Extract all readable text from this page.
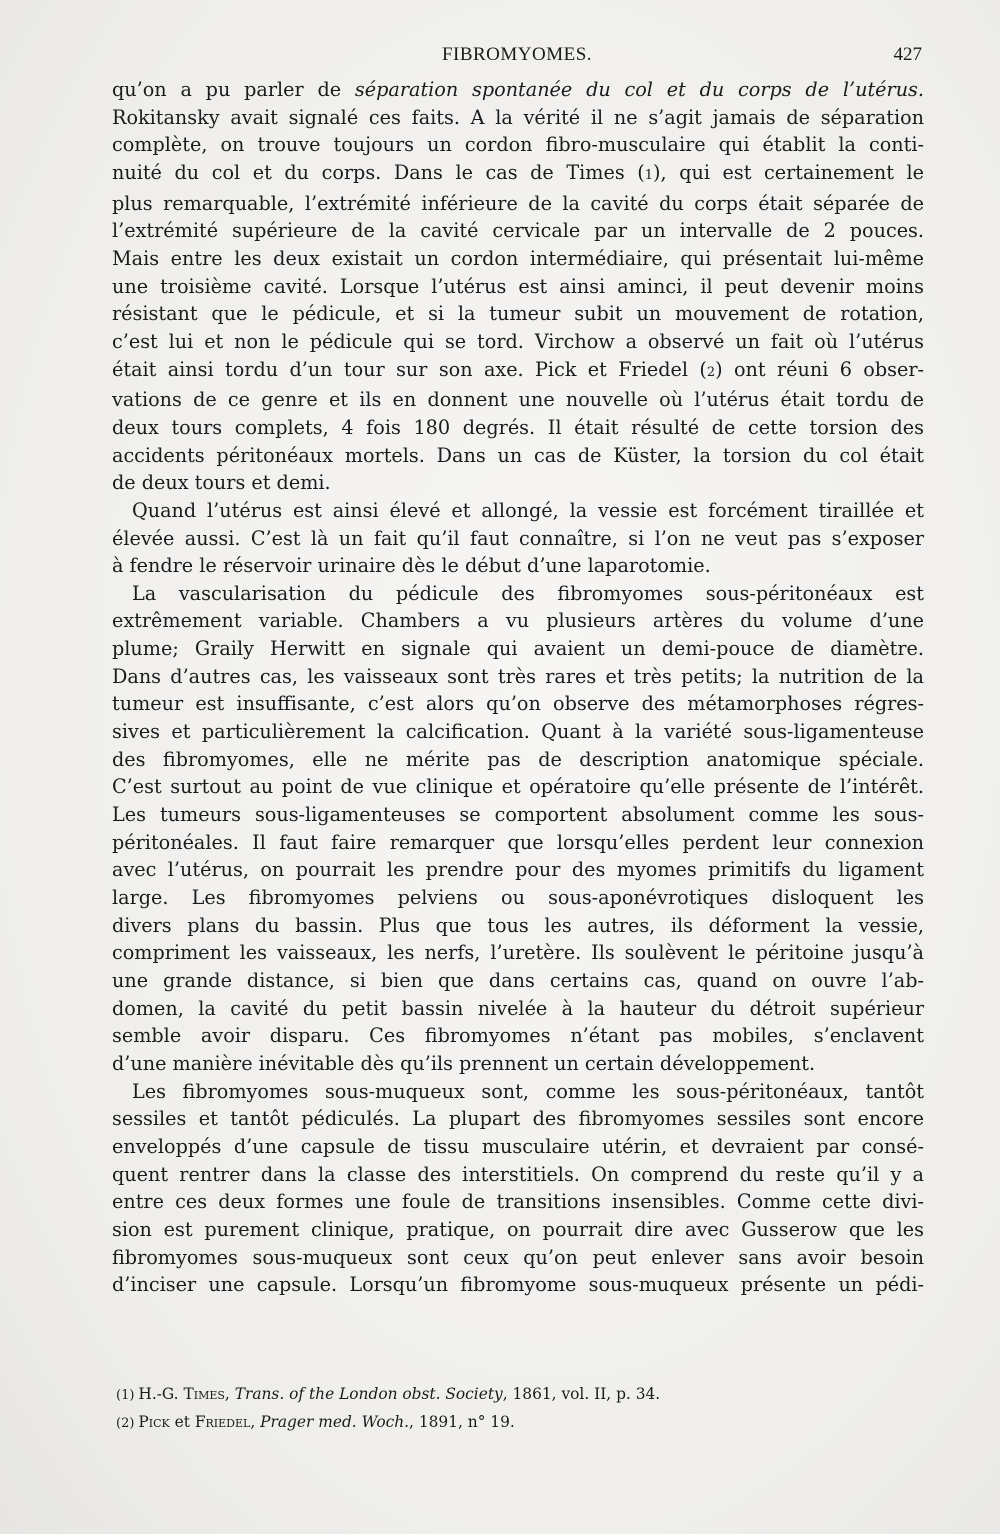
FIBROMYOMES.	427
qu’on a pu parler de séparation spontanée du col et du corps de l’utérus.
Rokitansky avait signalé ces faits. A la vérité il ne s’agit jamais de séparation
complète, on trouve toujours un cordon fibro-musculaire qui établit la conti-
nuité du col et du corps. Dans le cas de Times (1), qui est certainement le
plus remarquable, l’extrémité inférieure de la cavité du corps était séparée de
l’extrémité supérieure de la cavité cervicale par un intervalle de 2 pouces.
Mais entre les deux existait un cordon intermédiaire, qui présentait lui-même
une troisième cavité. Lorsque l’utérus est ainsi aminci, il peut devenir moins
résistant que le pédicule, et si la tumeur subit un mouvement de rotation,
c’est lui et non le pédicule qui se tord. Virchow a observé un fait où l’utérus
était ainsi tordu d’un tour sur son axe. Pick et Friedel (2) ont réuni 6 obser-
vations de ce genre et ils en donnent une nouvelle où l’utérus était tordu de
deux tours complets, 4 fois 180 degrés. Il était résulté de cette torsion des
accidents péritonéaux mortels. Dans un cas de Küster, la torsion du col était
de deux tours et demi.
Quand l’utérus est ainsi élevé et allongé, la vessie est forcément tiraillée et
élevée aussi. C’est là un fait qu’il faut connaître, si l’on ne veut pas s’exposer
à fendre le réservoir urinaire dès le début d’une laparotomie.
La vascularisation du pédicule des fibromyomes sous-péritonéaux est
extrêmement variable. Chambers a vu plusieurs artères du volume d’une
plume; Graily Herwitt en signale qui avaient un demi-pouce de diamètre.
Dans d’autres cas, les vaisseaux sont très rares et très petits; la nutrition de la
tumeur est insuffisante, c’est alors qu’on observe des métamorphoses régres-
sives et particulièrement la calcification. Quant à la variété sous-ligamenteuse
des fibromyomes, elle ne mérite pas de description anatomique spéciale.
C’est surtout au point de vue clinique et opératoire qu’elle présente de l’intérêt.
Les tumeurs sous-ligamenteuses se comportent absolument comme les sous-
péritonéales. Il faut faire remarquer que lorsqu’elles perdent leur connexion
avec l’utérus, on pourrait les prendre pour des myomes primitifs du ligament
large. Les fibromyomes pelviens ou sous-aponévrotiques disloquent les
divers plans du bassin. Plus que tous les autres, ils déforment la vessie,
compriment les vaisseaux, les nerfs, l’uretère. Ils soulèvent le péritoine jusqu’à
une grande distance, si bien que dans certains cas, quand on ouvre l’ab-
domen, la cavité du petit bassin nivelée à la hauteur du détroit supérieur
semble avoir disparu. Ces fibromyomes n’étant pas mobiles, s’enclavent
d’une manière inévitable dès qu’ils prennent un certain développement.
Les fibromyomes sous-muqueux sont, comme les sous-péritonéaux, tantôt
sessiles et tantôt pédiculés. La plupart des fibromyomes sessiles sont encore
enveloppés d’une capsule de tissu musculaire utérin, et devraient par consé-
quent rentrer dans la classe des interstitiels. On comprend du reste qu’il y a
entre ces deux formes une foule de transitions insensibles. Comme cette divi-
sion est purement clinique, pratique, on pourrait dire avec Gusserow que les
fibromyomes sous-muqueux sont ceux qu’on peut enlever sans avoir besoin
d’inciser une capsule. Lorsqu’un fibromyome sous-muqueux présente un pédi-
(1) H.-G. Times, Trans. of the London obst. Society, 1861, vol. II, p. 34.
(2) Pick et Friedel, Prager med. Woch., 1891, n° 19.
